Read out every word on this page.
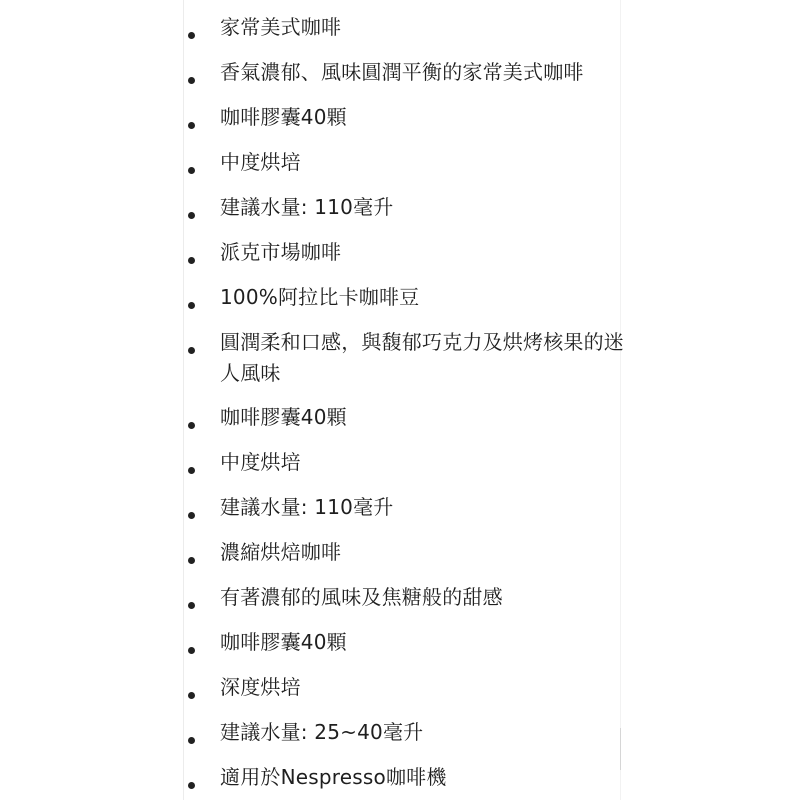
家常美式咖啡
香氣濃郁、風味圓潤平衡的家常美式咖啡
咖啡膠囊40顆
中度烘培
建議水量: 110毫升
派克市場咖啡
100%阿拉比卡咖啡豆
圓潤柔和口感，與馥郁巧克力及烘烤核果的迷人風味
咖啡膠囊40顆
中度烘培
建議水量: 110毫升
濃縮烘焙咖啡
有著濃郁的風味及焦糖般的甜感
咖啡膠囊40顆
深度烘培
建議水量: 25~40毫升
適用於Nespresso咖啡機
